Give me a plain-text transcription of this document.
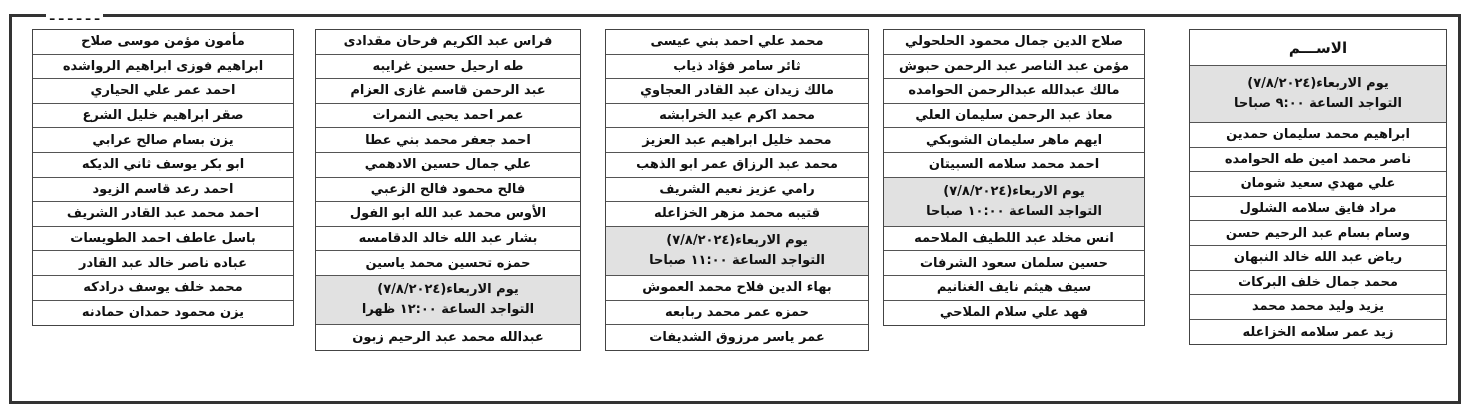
ـ ـ ـ ـ ـ ـ
الاســـم
يوم الاربعاء(٧/٨/٢٠٢٤)
التواجد الساعة ٩:٠٠ صباحا
ابراهيم محمد سليمان حمدين
ناصر محمد امين طه الحوامده
علي مهدي سعيد شومان
مراد فايق سلامه الشلول
وسام بسام عبد الرحيم حسن
رياض عبد الله خالد النبهان
محمد جمال خلف البركات
يزيد وليد محمد محمد
زيد عمر سلامه الخزاعله
صلاح الدين جمال محمود الحلحولي
مؤمن عبد الناصر عبد الرحمن حبوش
مالك عبدالله عبدالرحمن الحوامده
معاذ عبد الرحمن سليمان العلي
ايهم ماهر سليمان الشوبكي
احمد محمد سلامه السبيتان
يوم الاربعاء(٧/٨/٢٠٢٤)
التواجد الساعة ١٠:٠٠ صباحا
انس مخلد عبد اللطيف الملاحمه
حسين سلمان سعود الشرفات
سيف هيثم نايف الغنانيم
فهد علي سلام الملاحي
محمد علي احمد بني عيسى
ثائر سامر فؤاد ذياب
مالك زيدان عبد القادر العجاوي
محمد اكرم عيد الخرابشه
محمد خليل ابراهيم عبد العزيز
محمد عبد الرزاق عمر ابو الذهب
رامي عزيز نعيم الشريف
قتيبه محمد مزهر الخزاعله
يوم الاربعاء(٧/٨/٢٠٢٤)
التواجد الساعة ١١:٠٠ صباحا
بهاء الدين فلاح محمد العموش
حمزه عمر محمد ربابعه
عمر ياسر مرزوق الشديفات
فراس عبد الكريم فرحان مقدادى
طه ارحيل حسين غرايبه
عبد الرحمن قاسم غازى العزام
عمر احمد يحيى النمرات
احمد جعفر محمد بني عطا
علي جمال حسين الادهمي
فالح محمود فالح الزعبي
الأوس محمد عبد الله ابو الفول
بشار عبد الله خالد الدقامسه
حمزه تحسين محمد ياسين
يوم الاربعاء(٧/٨/٢٠٢٤)
التواجد الساعة ١٢:٠٠ ظهرا
عبدالله محمد عبد الرحيم زبون
مأمون مؤمن موسى صلاح
ابراهيم فوزى ابراهيم الرواشده
احمد عمر علي الحياري
صقر ابراهيم خليل الشرع
يزن بسام صالح عرابي
ابو بكر يوسف ثاني الديكه
احمد رعد قاسم الزيود
احمد محمد عبد القادر الشريف
باسل عاطف احمد الطويسات
عباده ناصر خالد عبد القادر
محمد خلف يوسف درادكه
يزن محمود حمدان حمادنه
